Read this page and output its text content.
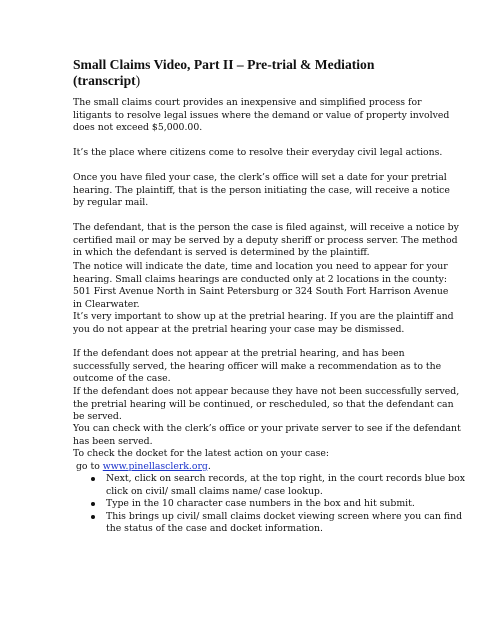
Small Claims Video, Part II – Pre-trial & Mediation
(transcript)
The small claims court provides an inexpensive and simplified process for
litigants to resolve legal issues where the demand or value of property involved
does not exceed $5,000.00.
It’s the place where citizens come to resolve their everyday civil legal actions.
Once you have filed your case, the clerk’s office will set a date for your pretrial
hearing. The plaintiff, that is the person initiating the case, will receive a notice
by regular mail.
The defendant, that is the person the case is filed against, will receive a notice by
certified mail or may be served by a deputy sheriff or process server. The method
in which the defendant is served is determined by the plaintiff.
The notice will indicate the date, time and location you need to appear for your
hearing. Small claims hearings are conducted only at 2 locations in the county:
501 First Avenue North in Saint Petersburg or 324 South Fort Harrison Avenue
in Clearwater.
It’s very important to show up at the pretrial hearing. If you are the plaintiff and
you do not appear at the pretrial hearing your case may be dismissed.
If the defendant does not appear at the pretrial hearing, and has been
successfully served, the hearing officer will make a recommendation as to the
outcome of the case.
If the defendant does not appear because they have not been successfully served,
the pretrial hearing will be continued, or rescheduled, so that the defendant can
be served.
You can check with the clerk’s office or your private server to see if the defendant
has been served.
To check the docket for the latest action on your case:
go to www.pinellasclerk.org.
Next, click on search records, at the top right, in the court records blue box
click on civil/ small claims name/ case lookup.
Type in the 10 character case numbers in the box and hit submit.
This brings up civil/ small claims docket viewing screen where you can find
the status of the case and docket information.
